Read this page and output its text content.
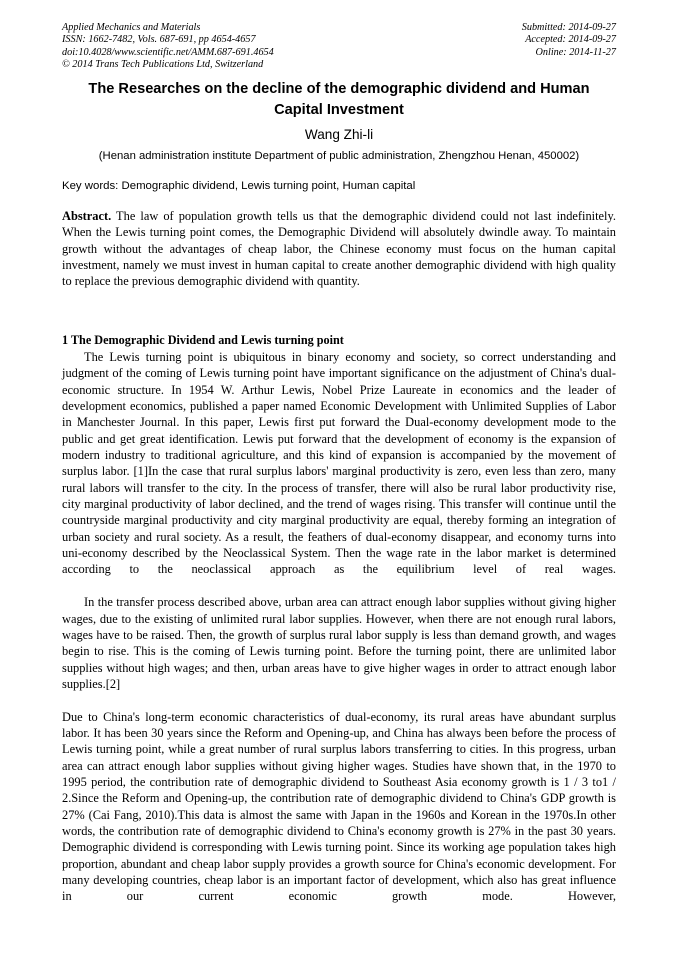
Applied Mechanics and Materials
ISSN: 1662-7482, Vols. 687-691, pp 4654-4657
doi:10.4028/www.scientific.net/AMM.687-691.4654
© 2014 Trans Tech Publications Ltd, Switzerland
Submitted: 2014-09-27
Accepted: 2014-09-27
Online: 2014-11-27
The Researches on the decline of the demographic dividend and Human Capital Investment
Wang Zhi-li
(Henan administration institute Department of public administration, Zhengzhou Henan, 450002)
Key words: Demographic dividend, Lewis turning point, Human capital
Abstract. The law of population growth tells us that the demographic dividend could not last indefinitely. When the Lewis turning point comes, the Demographic Dividend will absolutely dwindle away. To maintain growth without the advantages of cheap labor, the Chinese economy must focus on the human capital investment, namely we must invest in human capital to create another demographic dividend with high quality to replace the previous demographic dividend with quantity.
1 The Demographic Dividend and Lewis turning point

The Lewis turning point is ubiquitous in binary economy and society, so correct understanding and judgment of the coming of Lewis turning point have important significance on the adjustment of China's dual-economic structure. In 1954 W. Arthur Lewis, Nobel Prize Laureate in economics and the leader of development economics, published a paper named Economic Development with Unlimited Supplies of Labor in Manchester Journal. In this paper, Lewis first put forward the Dual-economy development mode to the public and get great identification. Lewis put forward that the development of economy is the expansion of modern industry to traditional agriculture, and this kind of expansion is accompanied by the movement of surplus labor. [1]In the case that rural surplus labors' marginal productivity is zero, even less than zero, many rural labors will transfer to the city. In the process of transfer, there will also be rural labor productivity rise, city marginal productivity of labor declined, and the trend of wages rising. This transfer will continue until the countryside marginal productivity and city marginal productivity are equal, thereby forming an integration of urban society and rural society. As a result, the feathers of dual-economy disappear, and economy turns into uni-economy described by the Neoclassical System. Then the wage rate in the labor market is determined according to the neoclassical approach as the equilibrium level of real wages.

In the transfer process described above, urban area can attract enough labor supplies without giving higher wages, due to the existing of unlimited rural labor supplies. However, when there are not enough rural labors, wages have to be raised. Then, the growth of surplus rural labor supply is less than demand growth, and wages begin to rise. This is the coming of Lewis turning point. Before the turning point, there are unlimited labor supplies without high wages; and then, urban areas have to give higher wages in order to attract enough labor supplies.[2]

Due to China's long-term economic characteristics of dual-economy, its rural areas have abundant surplus labor. It has been 30 years since the Reform and Opening-up, and China has always been before the process of Lewis turning point, while a great number of rural surplus labors transferring to cities. In this progress, urban area can attract enough labor supplies without giving higher wages. Studies have shown that, in the 1970 to 1995 period, the contribution rate of demographic dividend to Southeast Asia economy growth is 1 / 3 to1 / 2.Since the Reform and Opening-up, the contribution rate of demographic dividend to China's GDP growth is 27% (Cai Fang, 2010).This data is almost the same with Japan in the 1960s and Korean in the 1970s.In other words, the contribution rate of demographic dividend to China's economy growth is 27% in the past 30 years. Demographic dividend is corresponding with Lewis turning point. Since its working age population takes high proportion, abundant and cheap labor supply provides a growth source for China's economic development. For many developing countries, cheap labor is an important factor of development, which also has great influence in our current economic growth mode. However,
